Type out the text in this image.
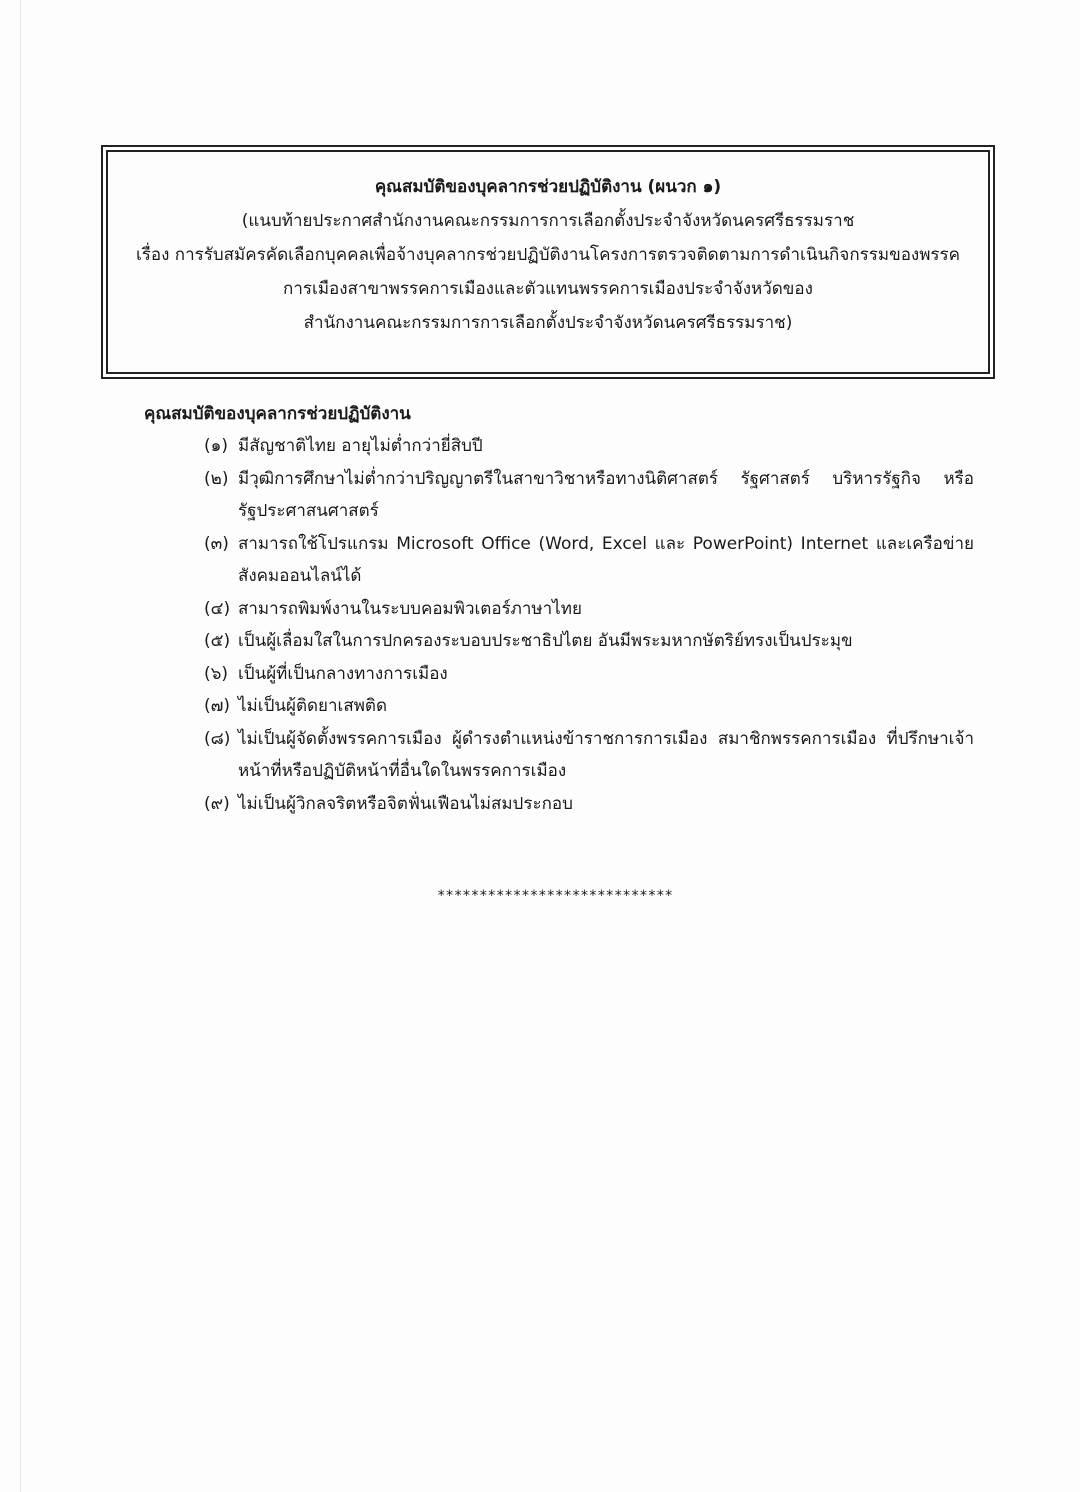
คุณสมบัติของบุคลากรช่วยปฏิบัติงาน (ผนวก ๑)
(แนบท้ายประกาศสำนักงานคณะกรรมการการเลือกตั้งประจำจังหวัดนครศรีธรรมราช
เรื่อง การรับสมัครคัดเลือกบุคคลเพื่อจ้างบุคลากรช่วยปฏิบัติงานโครงการตรวจติดตามการดำเนินกิจกรรมของพรรค
การเมืองสาขาพรรคการเมืองและตัวแทนพรรคการเมืองประจำจังหวัดของ
สำนักงานคณะกรรมการการเลือกตั้งประจำจังหวัดนครศรีธรรมราช)
คุณสมบัติของบุคลากรช่วยปฏิบัติงาน
(๑) มีสัญชาติไทย อายุไม่ต่ำกว่ายี่สิบปี
(๒) มีวุฒิการศึกษาไม่ต่ำกว่าปริญญาตรีในสาขาวิชาหรือทางนิติศาสตร์ รัฐศาสตร์ บริหารรัฐกิจ หรือรัฐประศาสนศาสตร์
(๓) สามารถใช้โปรแกรม Microsoft Office (Word, Excel และ PowerPoint) Internet และเครือข่ายสังคมออนไลน์ได้
(๔) สามารถพิมพ์งานในระบบคอมพิวเตอร์ภาษาไทย
(๕) เป็นผู้เลื่อมใสในการปกครองระบอบประชาธิปไตย อันมีพระมหากษัตริย์ทรงเป็นประมุข
(๖) เป็นผู้ที่เป็นกลางทางการเมือง
(๗) ไม่เป็นผู้ติดยาเสพติด
(๘) ไม่เป็นผู้จัดตั้งพรรคการเมือง ผู้ดำรงตำแหน่งข้าราชการการเมือง สมาชิกพรรคการเมือง ที่ปรึกษาเจ้าหน้าที่หรือปฏิบัติหน้าที่อื่นใดในพรรคการเมือง
(๙) ไม่เป็นผู้วิกลจริตหรือจิตฟั่นเฟือนไม่สมประกอบ
****************************
